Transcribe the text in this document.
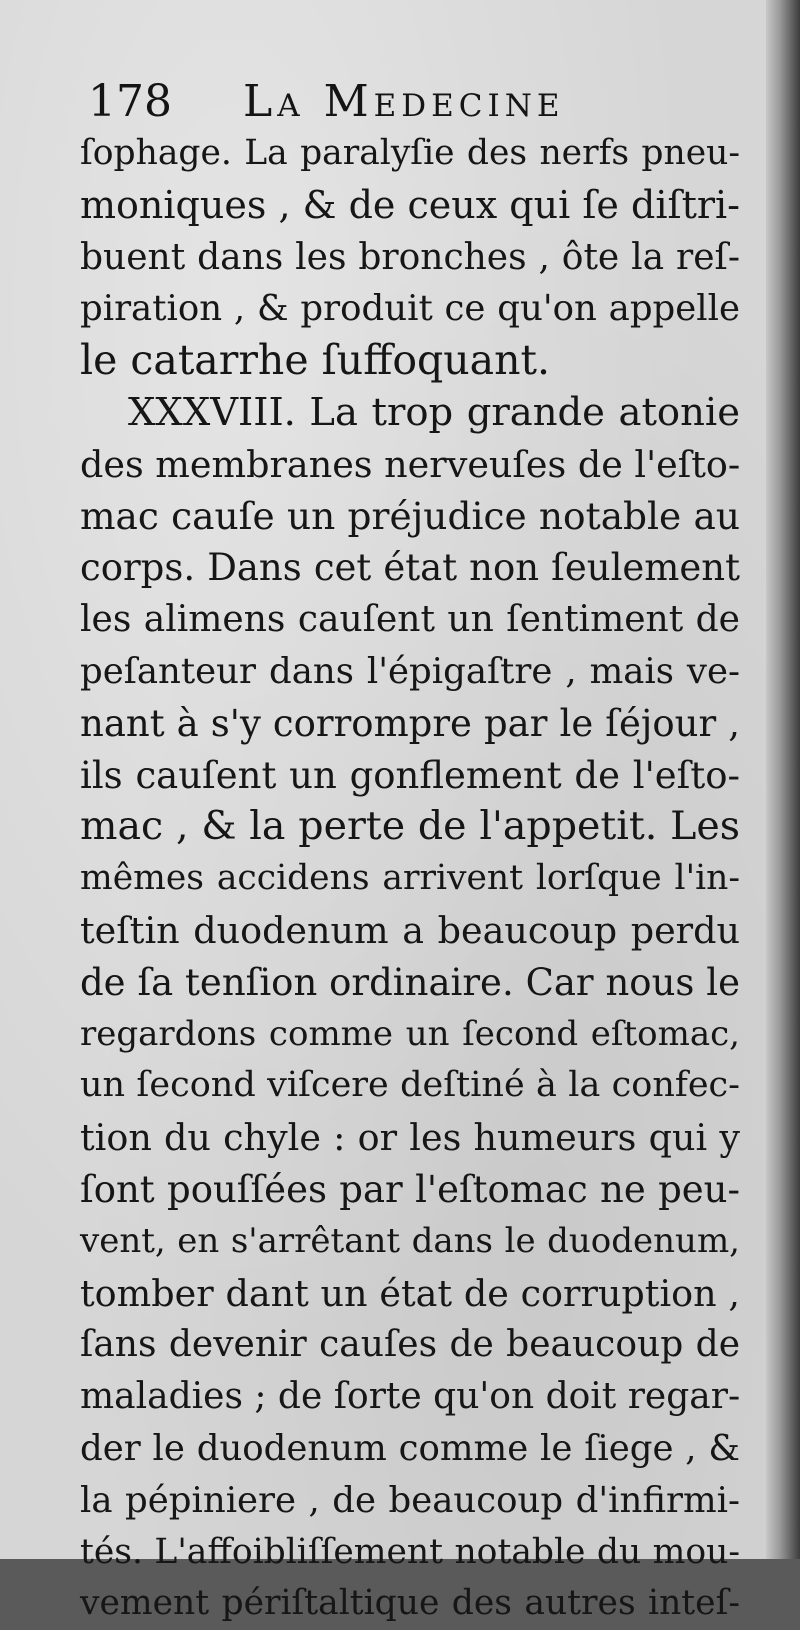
178 La Medecine
ſophage. La paralyſie des nerfs pneu-
moniques , & de ceux qui ſe diſtri-
buent dans les bronches , ôte la reſ-
piration , & produit ce qu'on appelle
le catarrhe ſuffoquant.
XXXVIII. La trop grande atonie
des membranes nerveuſes de l'eſto-
mac cauſe un préjudice notable au
corps. Dans cet état non ſeulement
les alimens cauſent un ſentiment de
peſanteur dans l'épigaſtre , mais ve-
nant à s'y corrompre par le ſéjour ,
ils cauſent un gonflement de l'eſto-
mac , & la perte de l'appetit. Les
mêmes accidens arrivent lorſque l'in-
teſtin duodenum a beaucoup perdu
de ſa tenſion ordinaire. Car nous le
regardons comme un ſecond eſtomac,
un ſecond viſcere deſtiné à la confec-
tion du chyle : or les humeurs qui y
ſont pouſſées par l'eſtomac ne peu-
vent, en s'arrêtant dans le duodenum,
tomber dant un état de corruption ,
ſans devenir cauſes de beaucoup de
maladies ; de ſorte qu'on doit regar-
der le duodenum comme le ſiege , &
la pépiniere , de beaucoup d'infirmi-
tés. L'affoibliſſement notable du mou-
vement périſtaltique des autres inteſ-
